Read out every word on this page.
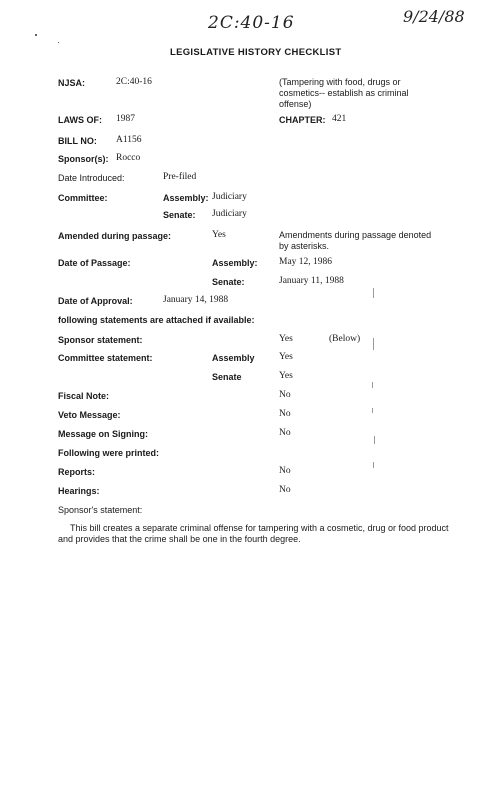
2C:40-16	9/24/88
LEGISLATIVE HISTORY CHECKLIST
NJSA:	2C:40-16	(Tampering with food, drugs or cosmetics-- establish as criminal offense)
LAWS OF: 1987	CHAPTER: 421
BILL NO: A1156
Sponsor(s): Rocco
Date Introduced:	Pre-filed
Committee:	Assembly: Judiciary
Senate: Judiciary
Amended during passage:	Yes	Amendments during passage denoted by asterisks.
Date of Passage:	Assembly: May 12, 1986
Senate:	January 11, 1988
Date of Approval:	January 14, 1988
following statements are attached if available:
Sponsor statement:	Yes	(Below)
Committee statement:	Assembly	Yes
Senate	Yes
Fiscal Note:	No
Veto Message:	No
Message on Signing:	No
Following were printed:
Reports:	No
Hearings:	No
Sponsor's statement:
This bill creates a separate criminal offense for tampering with a cosmetic, drug or food product and provides that the crime shall be one in the fourth degree.
